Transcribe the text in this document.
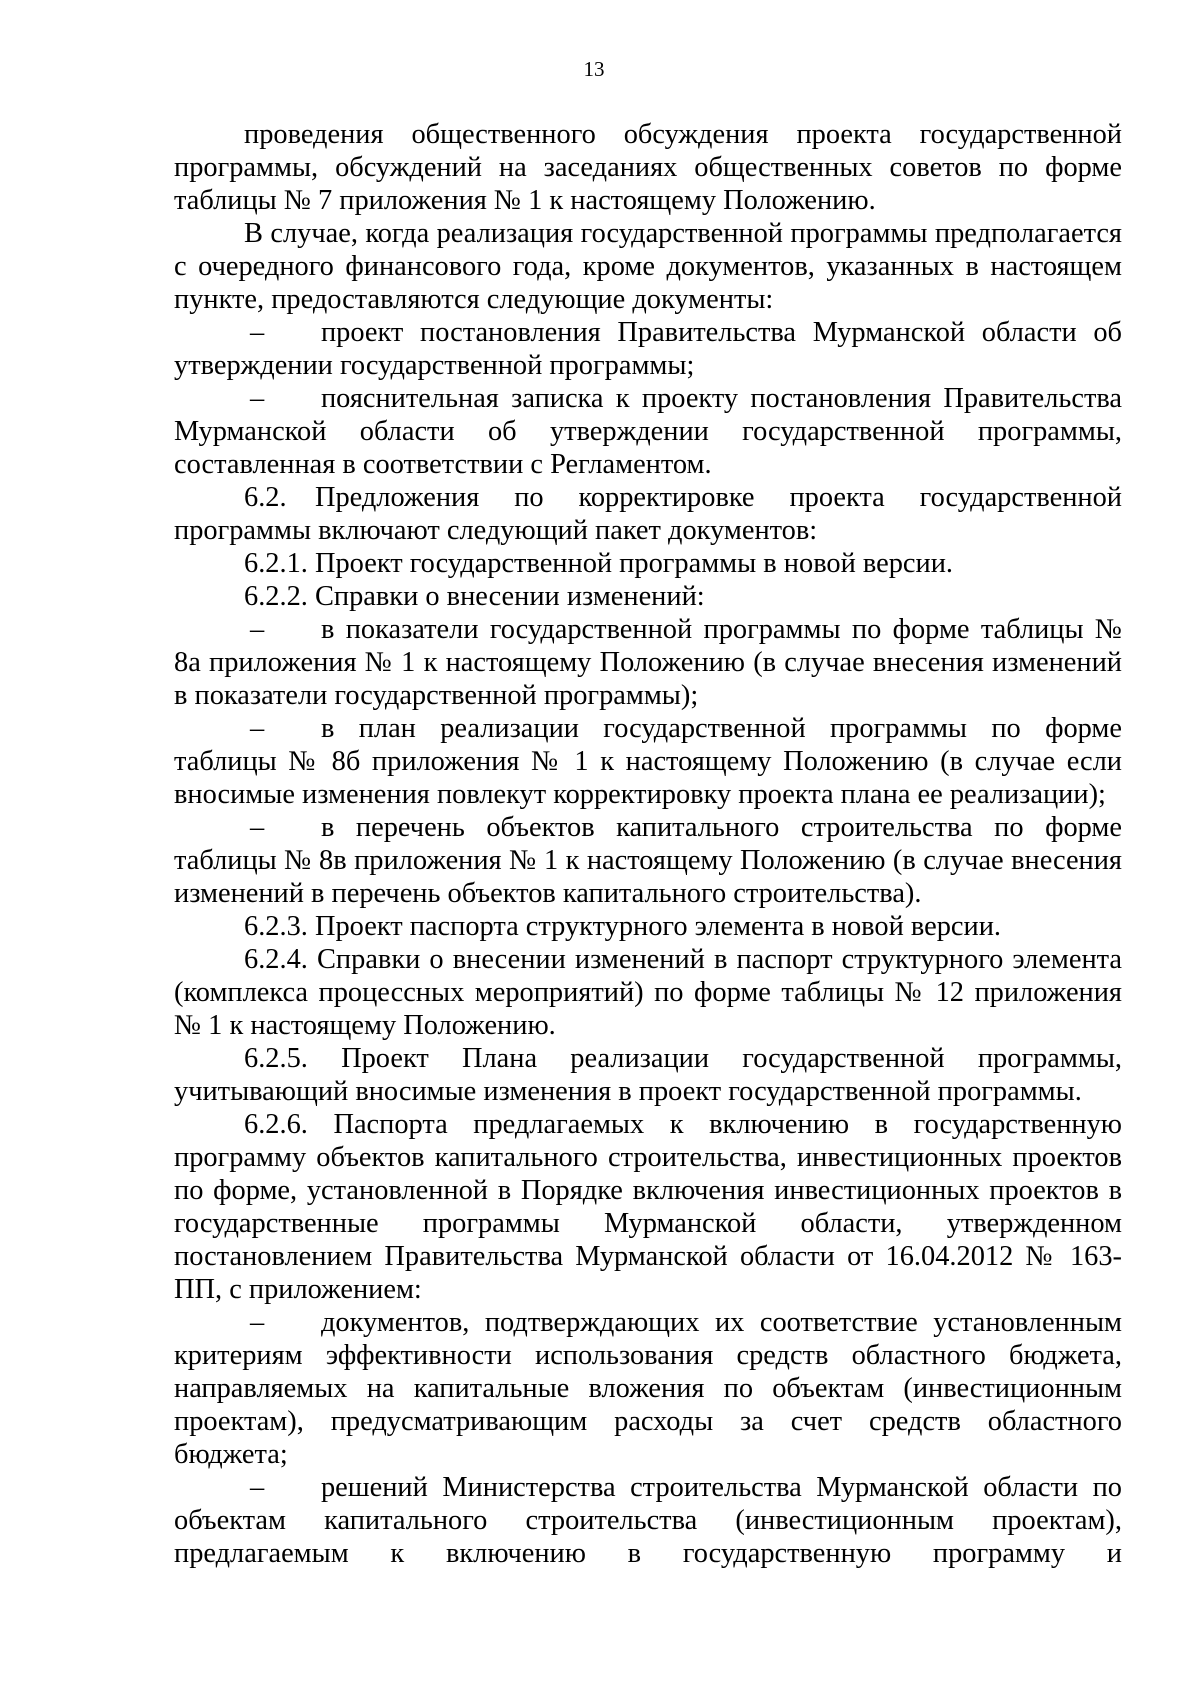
13

проведения общественного обсуждения проекта государственной программы, обсуждений на заседаниях общественных советов по форме таблицы № 7 приложения № 1 к настоящему Положению.

В случае, когда реализация государственной программы предполагается с очередного финансового года, кроме документов, указанных в настоящем пункте, предоставляются следующие документы:

–  проект постановления Правительства Мурманской области об утверждении государственной программы;

–  пояснительная записка к проекту постановления Правительства Мурманской области об утверждении государственной программы, составленная в соответствии с Регламентом.

6.2. Предложения по корректировке проекта государственной программы включают следующий пакет документов:

6.2.1. Проект государственной программы в новой версии.

6.2.2. Справки о внесении изменений:

–  в показатели государственной программы по форме таблицы № 8а приложения № 1 к настоящему Положению (в случае внесения изменений в показатели государственной программы);

–  в план реализации государственной программы по форме таблицы № 8б приложения № 1 к настоящему Положению (в случае если вносимые изменения повлекут корректировку проекта плана ее реализации);

–  в перечень объектов капитального строительства по форме таблицы № 8в приложения № 1 к настоящему Положению (в случае внесения изменений в перечень объектов капитального строительства).

6.2.3. Проект паспорта структурного элемента в новой версии.

6.2.4. Справки о внесении изменений в паспорт структурного элемента (комплекса процессных мероприятий) по форме таблицы № 12 приложения № 1 к настоящему Положению.

6.2.5. Проект Плана реализации государственной программы, учитывающий вносимые изменения в проект государственной программы.

6.2.6. Паспорта предлагаемых к включению в государственную программу объектов капитального строительства, инвестиционных проектов по форме, установленной в Порядке включения инвестиционных проектов в государственные программы Мурманской области, утвержденном постановлением Правительства Мурманской области от 16.04.2012 № 163-ПП, с приложением:

–  документов, подтверждающих их соответствие установленным критериям эффективности использования средств областного бюджета, направляемых на капитальные вложения по объектам (инвестиционным проектам), предусматривающим расходы за счет средств областного бюджета;

–  решений Министерства строительства Мурманской области по объектам капитального строительства (инвестиционным проектам), предлагаемым к включению в государственную программу и
